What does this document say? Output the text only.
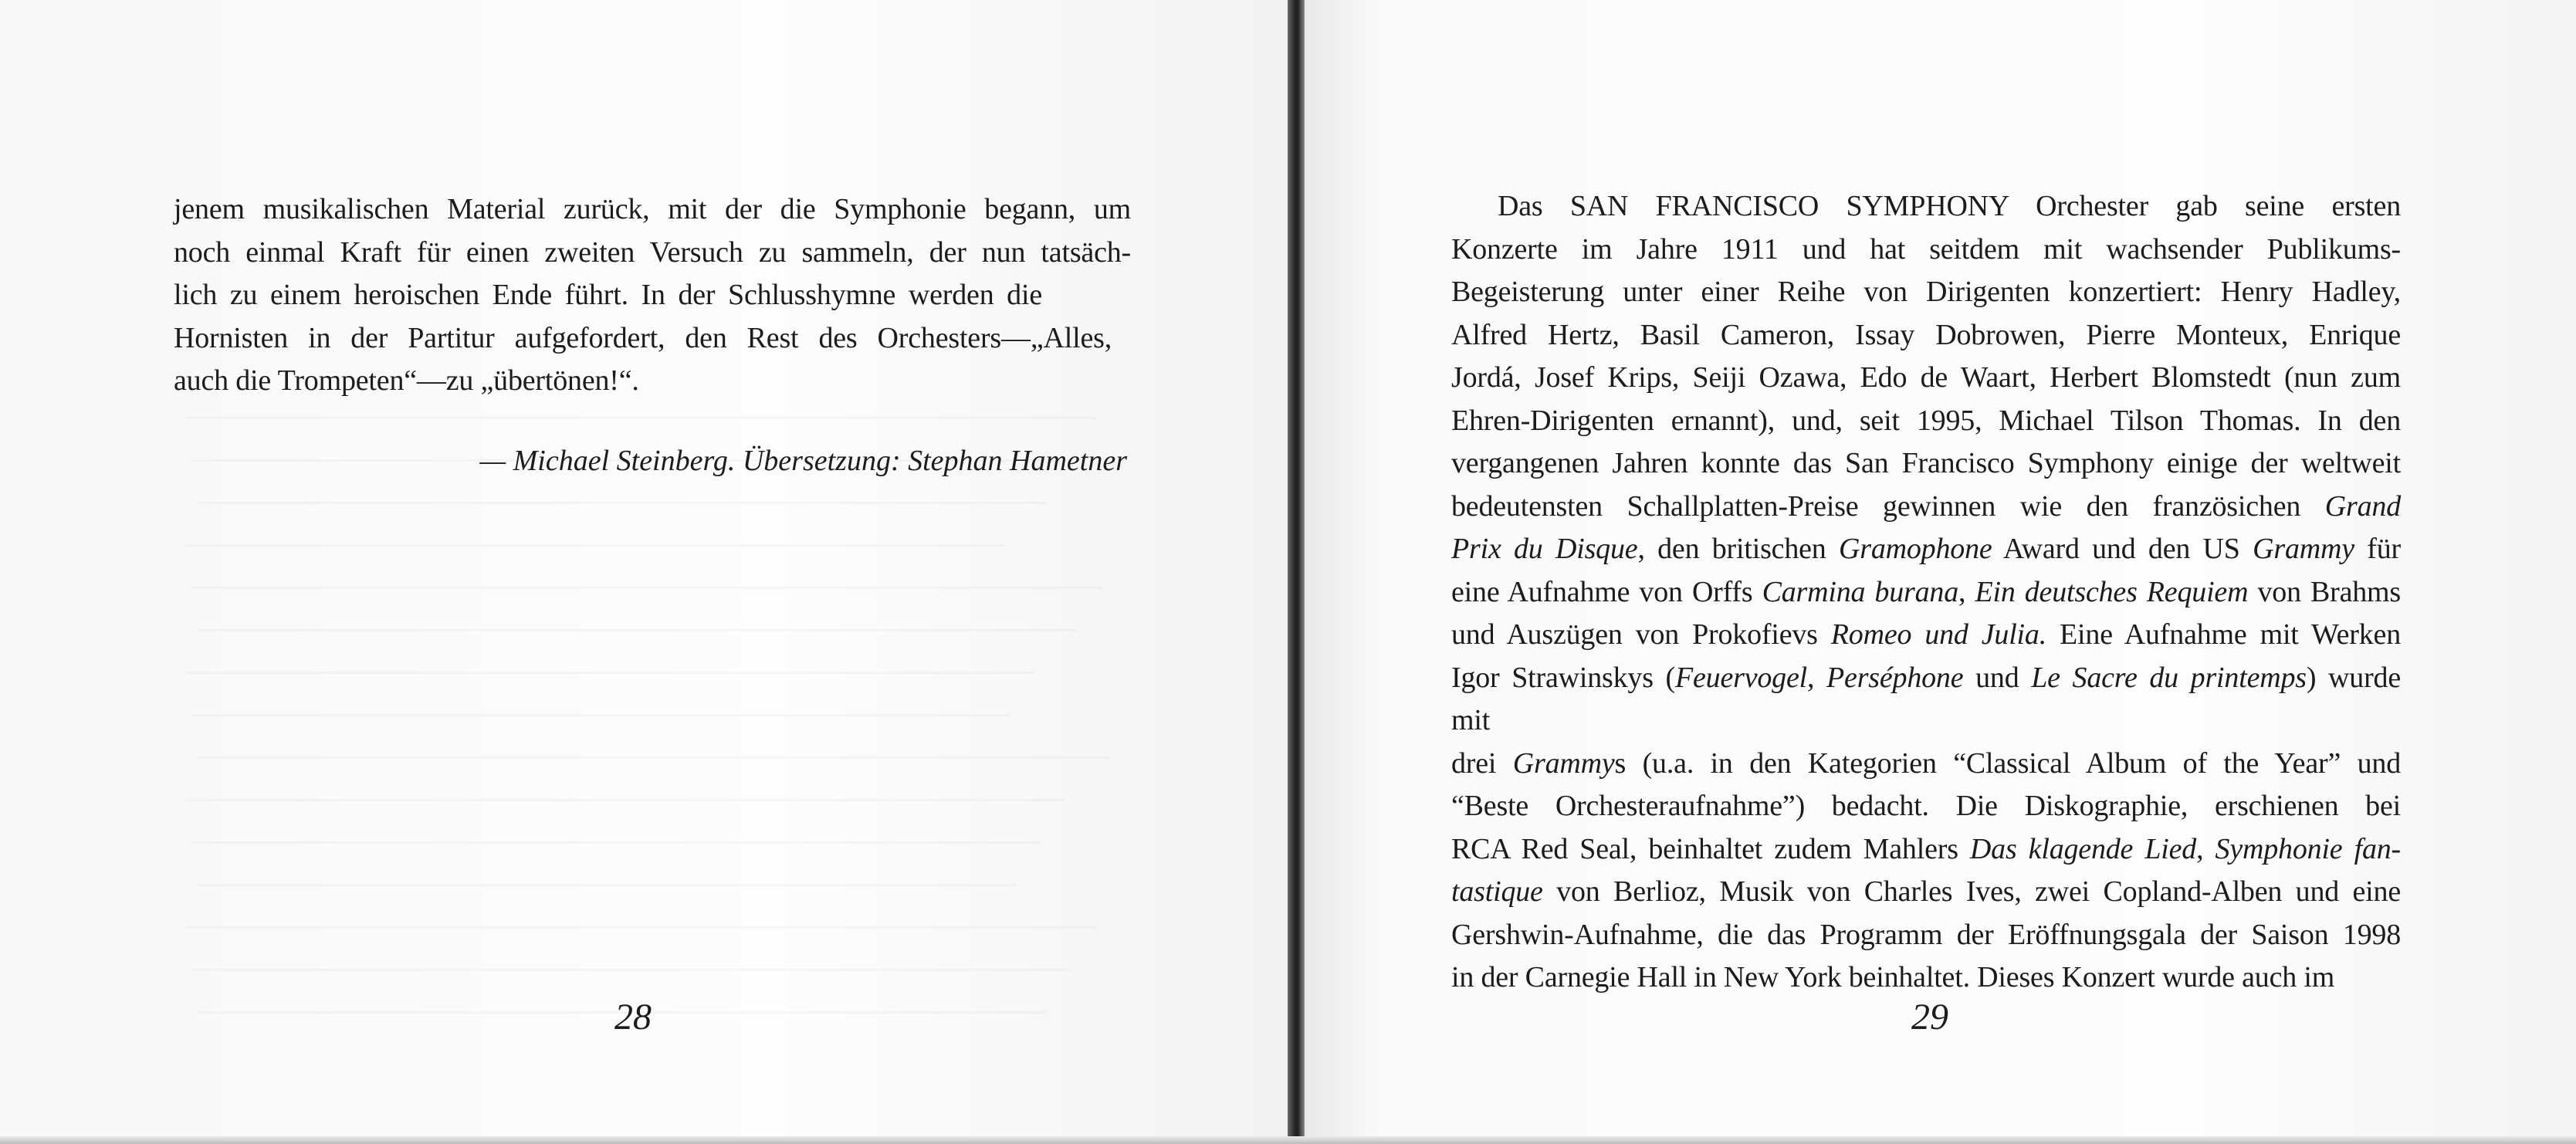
jenem musikalischen Material zurück, mit der die Symphonie begann, um
noch einmal Kraft für einen zweiten Versuch zu sammeln, der nun tatsäch-
lich zu einem heroischen Ende führt. In der Schlusshymne werden die
Hornisten in der Partitur aufgefordert, den Rest des Orchesters—„Alles,
auch die Trompeten“—zu „übertönen!“.
— Michael Steinberg. Übersetzung: Stephan Hametner
28	29
Das SAN FRANCISCO SYMPHONY Orchester gab seine ersten
Konzerte im Jahre 1911 und hat seitdem mit wachsender Publikums-
Begeisterung unter einer Reihe von Dirigenten konzertiert: Henry Hadley,
Alfred Hertz, Basil Cameron, Issay Dobrowen, Pierre Monteux, Enrique
Jordá, Josef Krips, Seiji Ozawa, Edo de Waart, Herbert Blomstedt (nun zum
Ehren-Dirigenten ernannt), und, seit 1995, Michael Tilson Thomas. In den
vergangenen Jahren konnte das San Francisco Symphony einige der weltweit
bedeutensten Schallplatten-Preise gewinnen wie den französichen Grand
Prix du Disque, den britischen Gramophone Award und den US Grammy für
eine Aufnahme von Orffs Carmina burana, Ein deutsches Requiem von Brahms
und Auszügen von Prokofievs Romeo und Julia. Eine Aufnahme mit Werken
Igor Strawinskys (Feuervogel, Perséphone und Le Sacre du printemps) wurde mit
drei Grammys (u.a. in den Kategorien “Classical Album of the Year” und
“Beste Orchesteraufnahme”) bedacht. Die Diskographie, erschienen bei
RCA Red Seal, beinhaltet zudem Mahlers Das klagende Lied, Symphonie fan-
tastique von Berlioz, Musik von Charles Ives, zwei Copland-Alben und eine
Gershwin-Aufnahme, die das Programm der Eröffnungsgala der Saison 1998
in der Carnegie Hall in New York beinhaltet. Dieses Konzert wurde auch im
